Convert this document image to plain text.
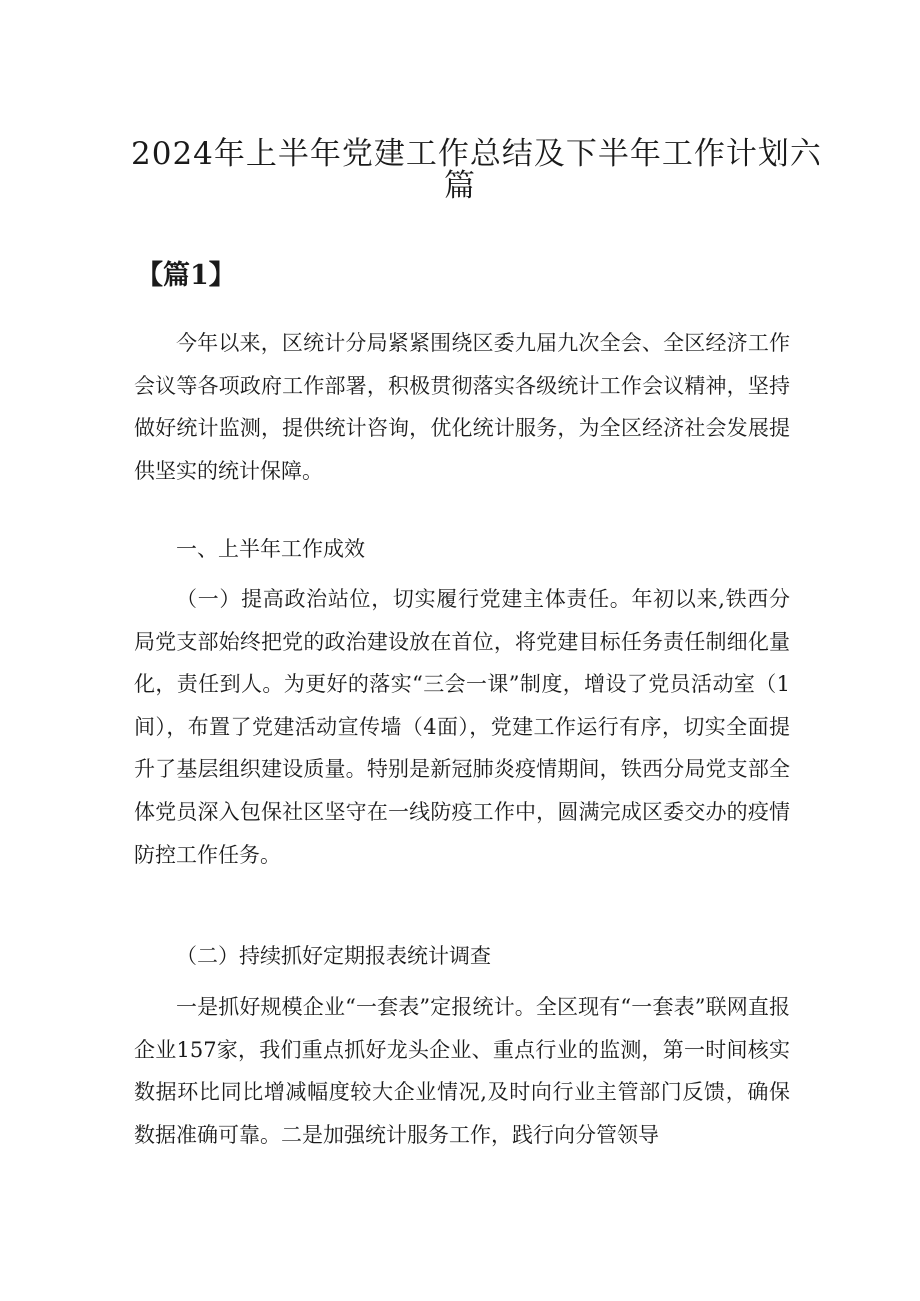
2024年上半年党建工作总结及下半年工作计划六
篇
【篇1】

今年以来，区统计分局紧紧围绕区委九届九次全会、全区经济工作会议等各项政府工作部署，积极贯彻落实各级统计工作会议精神，坚持做好统计监测，提供统计咨询，优化统计服务，为全区经济社会发展提供坚实的统计保障。

一、上半年工作成效

（一）提高政治站位，切实履行党建主体责任。年初以来,铁西分局党支部始终把党的政治建设放在首位，将党建目标任务责任制细化量化，责任到人。为更好的落实“三会一课”制度，增设了党员活动室（1间），布置了党建活动宣传墙（4面），党建工作运行有序，切实全面提升了基层组织建设质量。特别是新冠肺炎疫情期间，铁西分局党支部全体党员深入包保社区坚守在一线防疫工作中，圆满完成区委交办的疫情防控工作任务。

（二）持续抓好定期报表统计调查

一是抓好规模企业“一套表”定报统计。全区现有“一套表”联网直报企业157家，我们重点抓好龙头企业、重点行业的监测，第一时间核实数据环比同比增减幅度较大企业情况,及时向行业主管部门反馈，确保数据准确可靠。二是加强统计服务工作，践行向分管领导
